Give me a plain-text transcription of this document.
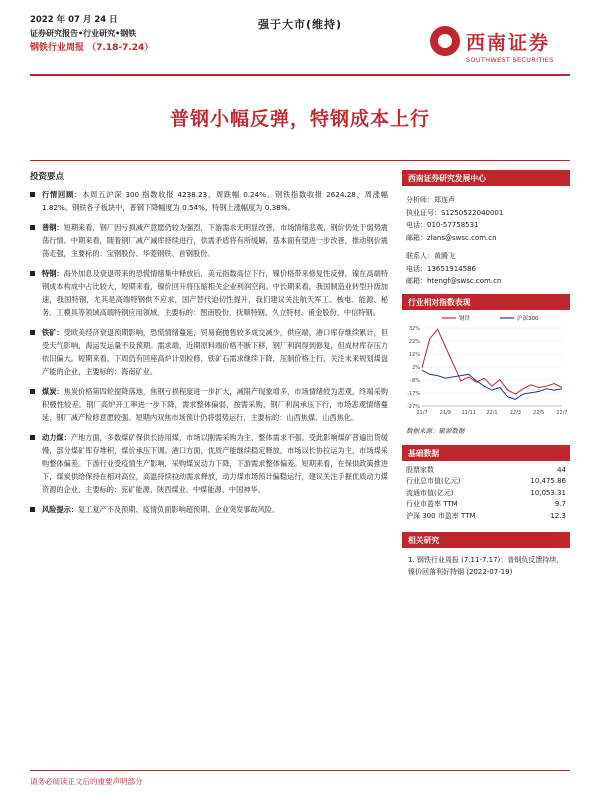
2022 年 07 月 24 日
证券研究报告•行业研究•钢铁
钢铁行业周报 （7.18-7.24）
强于大市(维持)
西南证券
SOUTHWEST SECURITIES
普钢小幅反弹，特钢成本上行
投资要点
行情回顾：本周五沪深 300 指数收报 4238.23，周跌幅 0.24%。钢铁指数收报 2624.28，周涨幅 1.82%。钢铁各子板块中，普钢下降幅度为 0.54%，特钢上涨幅度为 0.38%。
普钢：短期来看，钢厂因亏损减产意愿仍较为强烈，下游需求无明显改善，市场情绪悲观，钢价仍处于弱势震荡行情。中期来看，随着钢厂减产减库持续进行，供需矛盾将有所缓解，基本面有望进一步改善，推动钢价震荡走强，主要标的：宝钢股份、华菱钢铁、首钢股份。
特钢：海外加息及衰退带来的恐慌情绪集中释放后，美元指数高位下行，镍价格带来修复性反弹，镍在高端特钢成本构成中占比较大，短期来看，镍价回升将压缩相关企业利润空间。中长期来看，我国制造业转型升级加速，我国特钢，尤其是高端特钢供不应求，国产替代迫切性提升，我们建议关注航天军工、核电、能源、秘务、工模具等领域高端特钢应用领域，主要标的：图南股份、抚顺特钢、久立特材、甬金股份、中信特钢。
铁矿：受欧美经济衰退预期影响，恐慌情绪蔓延，贸易商拋售较多成交减少，供应端，港口库存继续累计，但受天气影响，海运发运量不及预期。需求端，近期原料端价格不断下移，钢厂利润得到修复，但成材库存压力依旧偏大。短期来看，下周仍有回座高炉计划检修，铁矿石需求继续下降，压制价格上行，关注未来规划煤盘产能的企业，主要标的：海南矿业。
煤炭：焦炭价格第四轮提降落地，焦钢亏损程度进一步扩大，减限产现象增多，市场情绪较为悲观，终端采购积极性较差。钢厂高炉开工率进一步下降，需求整体偏弱，按需采购，钢厂利润承压下行，市场悲观情绪蔓延，钢厂减产检修意愿较强。短期内双焦市场预计仍将弱势运行，主要标的：山西焦煤、山西焦化。
动力煤：产地方面，多数煤矿保供长协用煤，市场以刚需采购为主，整体需求不强。受此影响煤矿普遍出货缓慢，部分煤矿库存堆积，煤价承压下调。港口方面，优质产能继续稳定释放，市场以长协拉运为主，市场煤采购整体偏差。下游行业受疫情生产影响，采购煤炭动力下降，下游需求整体偏差。短期来看，在保供政策推进下，煤炭供给保持在相对高位，高温持续拉动需求释放，动力煤市场预计偏稳运行，建议关注手握优质动力煤资源的企业，主要标的：兖矿能源、陕西煤业、中煤能源、中国神华。
风险提示：复工复产不及预期、疫情负面影响超预期、企业突发事故风险。
西南证券研究发展中心
分析师：郑连声
执业证号：S1250522040001
电话：010-57758531
邮箱：zlans@swsc.com.cn
联系人：黄腾飞
电话：13651914586
邮箱：htengf@swsc.com.cn
行业相对指数表现
32%
22%
12%
2%
-8%
-17%
-27%
21/7 21/9 21/11 22/1 22/3 22/5 22/7
钢铁	沪深300
数据来源：聚源数据
基础数据
股票家数	44
行业总市值(亿元)	10,475.86
流通市值(亿元)	10,053.31
行业市盈率 TTM	9.7
沪深 300 市盈率 TTM	12.3
相关研究
1. 钢铁行业周报 (7.11-7.17)：普钢负反馈持续，镍价回落利好特钢 (2022-07-19)
请务必阅读正文后的重要声明部分
